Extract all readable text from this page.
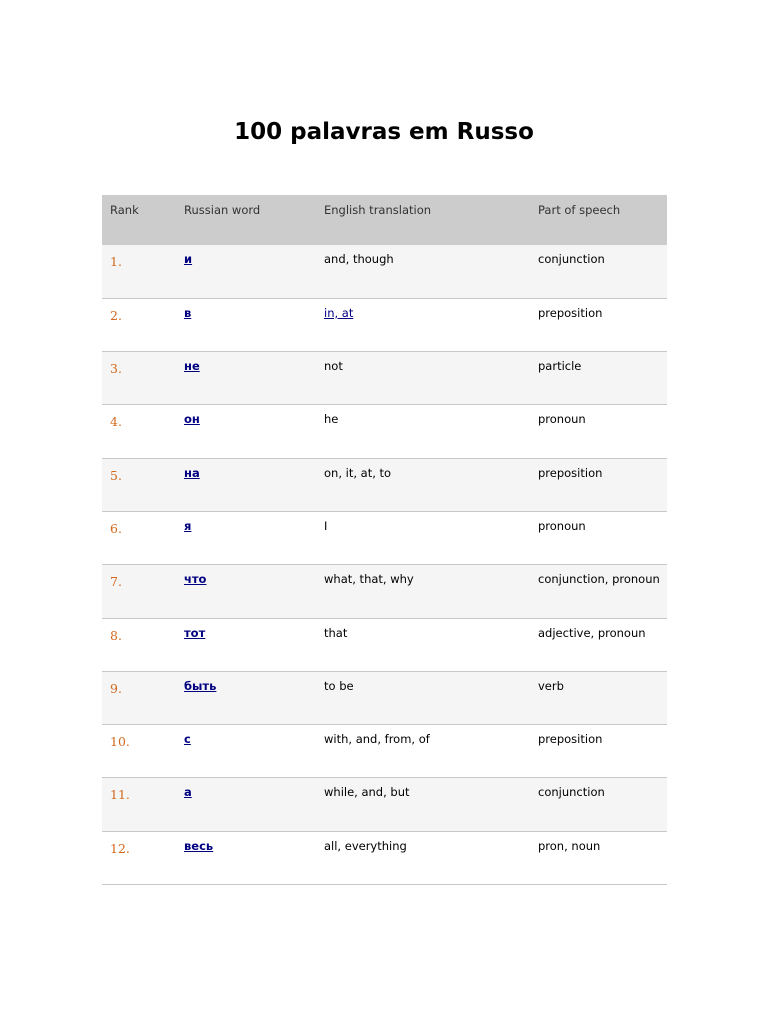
100 palavras em Russo
Rank	Russian word	English translation	Part of speech
1.	и	and, though	conjunction
2.	в	in, at	preposition
3.	не	not	particle
4.	он	he	pronoun
5.	на	on, it, at, to	preposition
6.	я	I	pronoun
7.	что	what, that, why	conjunction, pronoun
8.	тот	that	adjective, pronoun
9.	быть	to be	verb
10.	с	with, and, from, of	preposition
11.	а	while, and, but	conjunction
12.	весь	all, everything	pron, noun
